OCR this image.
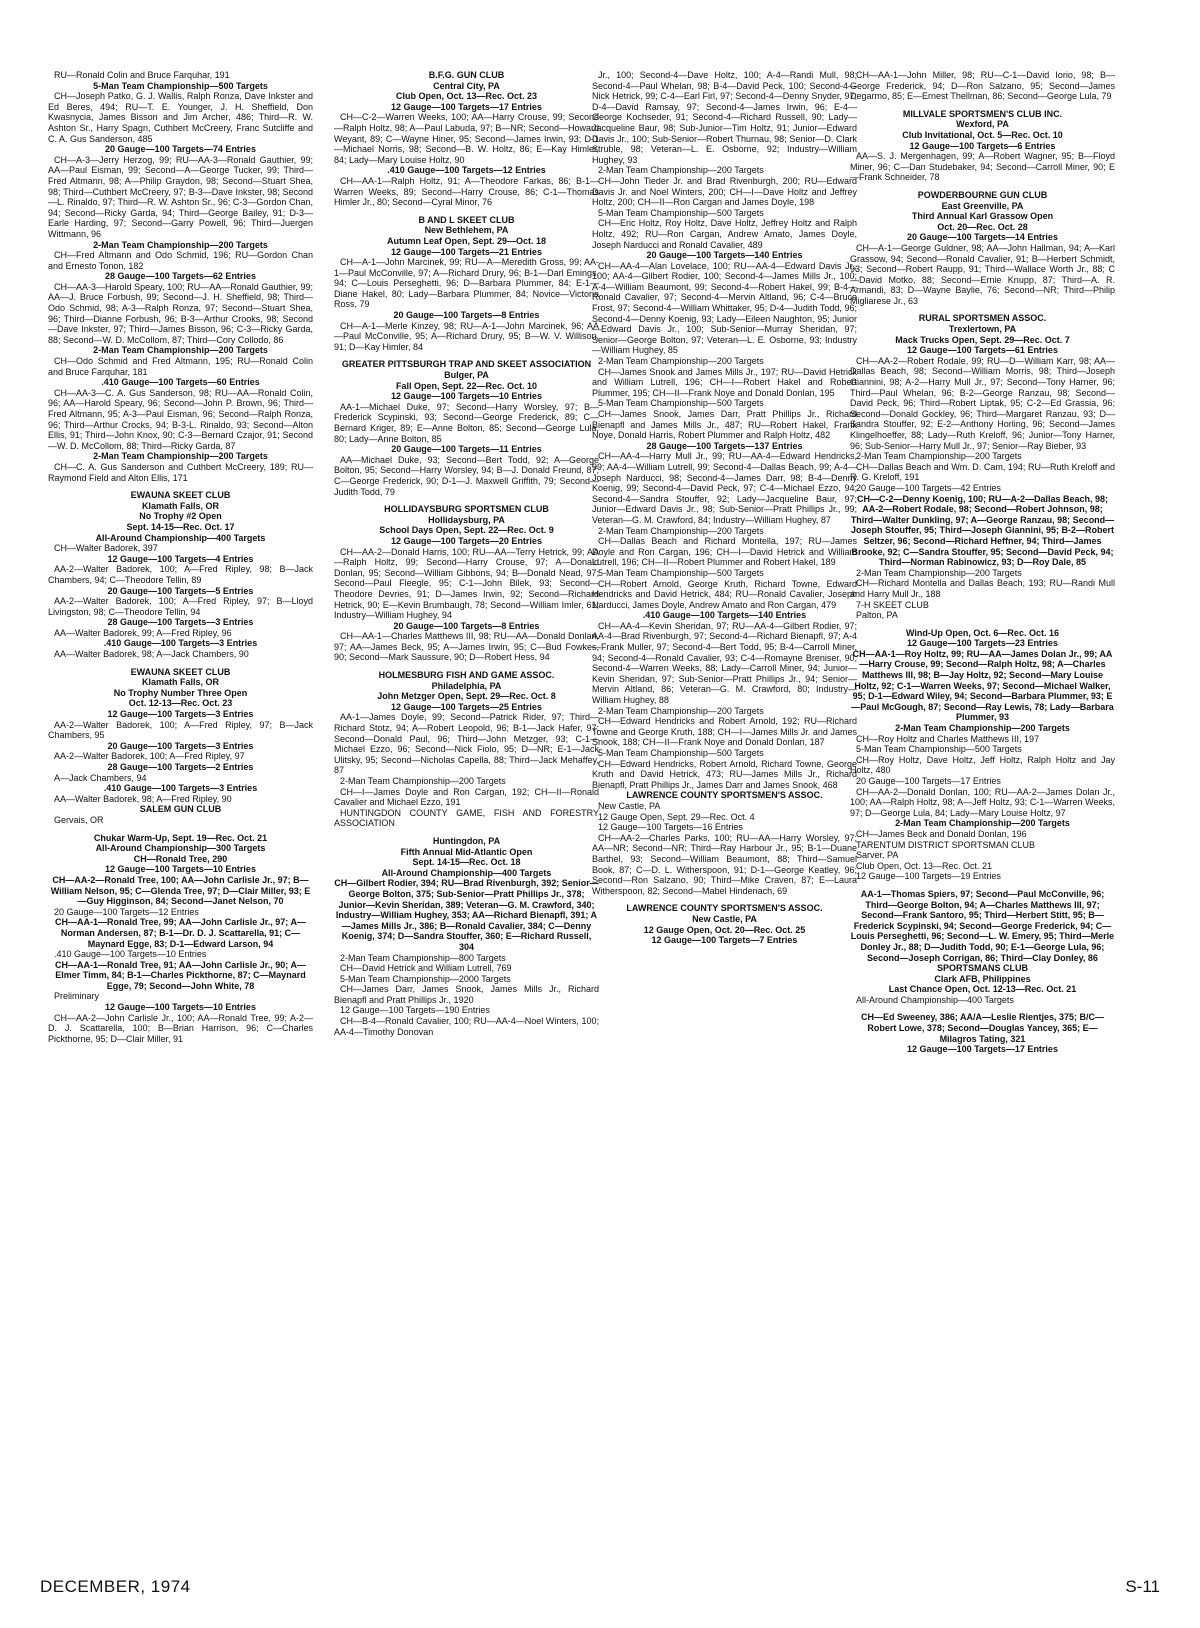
RU—Ronald Colin and Bruce Farquhar, 191

5-Man Team Championship—500 Targets

CH—Joseph Patko, G. J. Wallis, Ralph Ronza, Dave Inkster and Ed Beres, 494; RU—T. E. Younger, J. H. Sheffield, Don Kwasnycia, James Bisson and Jim Archer, 486; Third—R. W. Ashton Sr., Harry Spagn, Cuthbert McCreery, Franc Sutcliffe and C. A. Gus Sanderson, 485

20 Gauge—100 Targets—74 Entries

CH—A-3—Jerry Herzog, 99; RU—AA-3—Ronald Gauthier, 99; AA—Paul Eisman, 99; Second—A—George Tucker, 99; Third—Fred Altmann, 98; A—Philip Graydon, 98; Second—Stuart Shea, 98; Third—Cuthbert McCreery, 97; B-3—Dave Inkster, 98; Second—L. Rinaldo, 97; Third—R. W. Ashton Sr., 96; C-3—Gordon Chan, 94; Second—Ricky Garda, 94; Third—George Bailey, 91; D-3—Earle Harding, 97; Second—Garry Powell, 96; Third—Juergen Wittmann, 96

2-Man Team Championship—200 Targets

CH—Fred Altmann and Odo Schmid, 196; RU—Gordon Chan and Ernesto Tonon, 182

28 Gauge—100 Targets—62 Entries

CH—AA-3—Harold Speary, 100; RU—AA—Ronald Gauthier, 99; AA—J. Bruce Forbush, 99; Second—J. H. Sheffield, 98; Third—Odo Schmid, 98; A-3—Ralph Ronza, 97; Second—Stuart Shea, 96; Third—Dianne Forbush, 96; B-3—Arthur Crooks, 98; Second—Dave Inkster, 97; Third—James Bisson, 96; C-3—Ricky Garda, 88; Second—W. D. McCollom, 87; Third—Cory Collodo, 86

2-Man Team Championship—200 Targets

CH—Odo Schmid and Fred Altmann, 195; RU—Ronald Colin and Bruce Farquhar, 181

.410 Gauge—100 Targets—60 Entries

CH—AA-3—C. A. Gus Sanderson, 98; RU—AA—Ronald Colin, 96; AA—Harold Speary, 96; Second—John P. Brown, 96; Third—Fred Altmann, 95; A-3—Paul Eisman, 96; Second—Ralph Ronza, 96; Third—Arthur Crocks, 94; B-3-L. Rinaldo, 93; Second—Alton Ellis, 91; Third—John Knox, 90; C-3—Bernard Czajor, 91; Second—W. D. McCollom, 88; Third—Ricky Garda, 87

2-Man Team Championship—200 Targets

CH—C. A. Gus Sanderson and Cuthbert McCreery, 189; RU—Raymond Field and Alton Ellis, 171

EWAUNA SKEET CLUB

Klamath Falls, OR

No Trophy #2 Open

Sept. 14-15—Rec. Oct. 17

All-Around Championship—400 Targets

CH—Walter Badorek, 397

12 Gauge—100 Targets—4 Entries

AA-2—Walter Badorek, 100; A—Fred Ripley, 98; B—Jack Chambers, 94; C—Theodore Tellin, 89

20 Gauge—100 Targets—5 Entries

AA-2—Walter Badorek, 100; A—Fred Ripley, 97; B—Lloyd Livingston, 98; C—Theodore Tellin, 94

28 Gauge—100 Targets—3 Entries

AA—Walter Badorek, 99; A—Fred Ripley, 96

.410 Gauge—100 Targets—3 Entries

AA—Walter Badorek, 98; A—Jack Chambers, 90

EWAUNA SKEET CLUB

Klamath Falls, OR

No Trophy Number Three Open

Oct. 12-13—Rec. Oct. 23

12 Gauge—100 Targets—3 Entries

AA-2—Walter Badorek, 100; A—Fred Ripley, 97; B—Jack Chambers, 95

20 Gauge—100 Targets—3 Entries

AA-2—Walter Badorek, 100; A—Fred Ripley, 97

28 Gauge—100 Targets—2 Entries

A—Jack Chambers, 94

.410 Gauge—100 Targets—3 Entries

AA—Walter Badorek, 98; A—Fred Ripley, 90

SALEM GUN CLUB

Gervais, OR

Chukar Warm-Up, Sept. 19—Rec. Oct. 21

All-Around Championship—300 Targets

CH—Ronald Tree, 290

12 Gauge—100 Targets—10 Entries

CH—AA-2—Ronald Tree, 100; AA—John Carlisle Jr., 97; B—William Nelson, 95; C—Glenda Tree, 97; D—Clair Miller, 93; E—Guy Higginson, 84; Second—Janet Nelson, 70

20 Gauge—100 Targets—12 Entries

CH—AA-1—Ronald Tree, 99; AA—John Carlisle Jr., 97; A—Norman Andersen, 87; B-1—Dr. D. J. Scattarella, 91; C—Maynard Egge, 83; D-1—Edward Larson, 94

.410 Gauge—100 Targets—10 Entries

CH—AA-1—Ronald Tree, 91; AA—John Carlisle Jr., 90; A—Elmer Timm, 84; B-1—Charles Pickthorne, 87; C—Maynard Egge, 79; Second—John White, 78

Preliminary

12 Gauge—100 Targets—10 Entries

CH—AA-2—John Carlisle Jr., 100; AA—Ronald Tree, 99; A-2—D. J. Scattarella, 100; B—Brian Harrison, 96; C—Charles Pickthorne, 95; D—Clair Miller, 91

B.F.G. GUN CLUB

Central City, PA

Club Open, Oct. 13—Rec. Oct. 23

12 Gauge—100 Targets—17 Entries

CH—C-2—Warren Weeks, 100; AA—Harry Crouse, 99; Second—Ralph Holtz, 98; A—Paul Labuda, 97; B—NR; Second—Howard Weyant, 89; C—Wayne Hiner, 95; Second—James Irwin, 93; D-1—Michael Norris, 98; Second—B. W. Holtz, 86; E—Kay Himler, 84; Lady—Mary Louise Holtz, 90

.410 Gauge—100 Targets—12 Entries

CH—AA-1—Ralph Holtz, 91; A—Theodore Farkas, 86; B-1—Warren Weeks, 89; Second—Harry Crouse, 86; C-1—Thomas Himler Jr., 80; Second—Cyral Minor, 76

B AND L SKEET CLUB

New Bethlehem, PA

Autumn Leaf Open, Sept. 29—Oct. 18

12 Gauge—100 Targets—21 Entries

CH—A-1—John Marcinek, 99; RU—A—Meredith Gross, 99; AA-1—Paul McConville, 97; A—Richard Drury, 96; B-1—Darl Emings, 94; C—Louis Perseghetti, 96; D—Barbara Plummer, 84; E-1—Diane Hakel, 80; Lady—Barbara Plummer, 84; Novice—Victoria Ross, 79

20 Gauge—100 Targets—8 Entries

CH—A-1—Merle Kinzey, 98; RU—A-1—John Marcinek, 96; AA—Paul McConville, 95; A—Richard Drury, 95; B—W. V. Willison, 91; D—Kay Himler, 84

GREATER PITTSBURGH TRAP AND SKEET ASSOCIATION

Bulger, PA

Fall Open, Sept. 22—Rec. Oct. 10

12 Gauge—100 Targets—10 Entries

AA-1—Michael Duke, 97; Second—Harry Worsley, 97; B—Frederick Scypinski, 93; Second—George Frederick, 89; C—Bernard Kriger, 89; E—Anne Bolton, 85; Second—George Lula, 80; Lady—Anne Bolton, 85

20 Gauge—100 Targets—11 Entries

AA—Michael Duke, 93; Second—Bert Todd, 92; A—George Bolton, 95; Second—Harry Worsley, 94; B—J. Donald Freund, 87; C—George Frederick, 90; D-1—J. Maxwell Griffith, 79; Second—Judith Todd, 79

HOLLIDAYSBURG SPORTSMEN CLUB

Hollidaysburg, PA

School Days Open, Sept. 22—Rec. Oct. 9

12 Gauge—100 Targets—20 Entries

CH—AA-2—Donald Harris, 100; RU—AA—Terry Hetrick, 99; AA—Ralph Holtz, 99; Second—Harry Crouse, 97; A—Donald Donlan, 95; Second—William Gibbons, 94; B—Donald Nead, 97; Second—Paul Fleegle, 95; C-1—John Bilek, 93; Second—Theodore Devries, 91; D—James Irwin, 92; Second—Richard Hetrick, 90; E—Kevin Brumbaugh, 78; Second—William Imler, 61; Industry—William Hughey, 94

20 Gauge—100 Targets—8 Entries

CH—AA-1—Charles Matthews III, 98; RU—AA—Donald Donlan, 97; AA—James Beck, 95; A—James Irwin, 95; C—Bud Fowkes, 90; Second—Mark Saussure, 90; D—Robert Hess, 94

HOLMESBURG FISH AND GAME ASSOC.

Philadelphia, PA

John Metzger Open, Sept. 29—Rec. Oct. 8

12 Gauge—100 Targets—25 Entries

AA-1—James Doyle, 99; Second—Patrick Rider, 97; Third—Richard Stotz, 94; A—Robert Leopold, 96; B-1—Jack Hafer, 97; Second—Donald Paul, 96; Third—John Metzger, 93; C-1—Michael Ezzo, 96; Second—Nick Fiolo, 95; D—NR; E-1—Jack Ulitsky, 95; Second—Nicholas Capella, 88; Third—Jack Mehaffey, 87

2-Man Team Championship—200 Targets

CH—I—James Doyle and Ron Cargan, 192; CH—II—Ronald Cavalier and Michael Ezzo, 191

HUNTINGDON COUNTY GAME, FISH AND FORESTRY ASSOCIATION

Huntingdon, PA

Fifth Annual Mid-Atlantic Open

Sept. 14-15—Rec. Oct. 18

All-Around Championship—400 Targets

CH—Gilbert Rodier, 394; RU—Brad Rivenburgh, 392; Senior—George Bolton, 375; Sub-Senior—Pratt Phillips Jr., 378; Junior—Kevin Sheridan, 389; Veteran—G. M. Crawford, 340; Industry—William Hughey, 353; AA—Richard Bienapfl, 391; A—James Mills Jr., 386; B—Ronald Cavalier, 384; C—Denny Koenig, 374; D—Sandra Stouffer, 360; E—Richard Russell, 304

2-Man Team Championship—800 Targets

CH—David Hetrick and William Lutrell, 769

5-Man Team Championship—2000 Targets

CH—James Darr, James Snook, James Mills Jr., Richard Bienapfl and Pratt Phillips Jr., 1920

12 Gauge—100 Targets—190 Entries

CH—B-4—Ronald Cavalier, 100; RU—AA-4—Noel Winters, 100; AA-4—Timothy Donovan

Jr., 100; Second-4—Dave Holtz, 100; A-4—Randi Mull, 98; Second-4—Paul Whelan, 98; B-4—David Peck, 100; Second-4—Nick Hetrick, 99; C-4—Earl Firl, 97; Second-4—Denny Snyder, 97; D-4—David Ramsay, 97; Second-4—James Irwin, 96; E-4—George Kochseder, 91; Second-4—Richard Russell, 90; Lady—Jacqueline Baur, 98; Sub-Junior—Tim Holtz, 91; Junior—Edward Davis Jr., 100; Sub-Senior—Robert Thurnau, 98; Senior—D. Clark Struble, 98; Veteran—L. E. Osborne, 92; Industry—William Hughey, 93

2-Man Team Championship—200 Targets

CH—John Tieder Jr. and Brad Rivenburgh, 200; RU—Edward Davis Jr. and Noel Winters, 200; CH—I—Dave Holtz and Jeffrey Holtz, 200; CH—II—Ron Cargan and James Doyle, 198

5-Man Team Championship—500 Targets

CH—Eric Holtz, Roy Holtz, Dave Holtz, Jeffrey Holtz and Ralph Holtz, 492; RU—Ron Cargan, Andrew Amato, James Doyle, Joseph Narducci and Ronald Cavalier, 489

20 Gauge—100 Targets—140 Entries

CH—AA-4—Alan Lovelace, 100; RU—AA-4—Edward Davis Jr., 100; AA-4—Gilbert Rodier, 100; Second-4—James Mills Jr., 100; A-4—William Beaumont, 99; Second-4—Robert Hakel, 99; B-4—Ronald Cavalier, 97; Second-4—Mervin Altland, 96; C-4—Bruce Frost, 97; Second-4—William Whittaker, 95; D-4—Judith Todd, 96; Second-4—Denny Koenig, 93; Lady—Eileen Naughton, 95; Junior—Edward Davis Jr., 100; Sub-Senior—Murray Sheridan, 97; Senior—George Bolton, 97; Veteran—L. E. Osborne, 93; Industry—William Hughey, 85

2-Man Team Championship—200 Targets

CH—James Snook and James Mills Jr., 197; RU—David Hetrick and William Lutrell, 196; CH—I—Robert Hakel and Robert Plummer, 195; CH—II—Frank Noye and Donald Donlan, 195

5-Man Team Championship—500 Targets

CH—James Snook, James Darr, Pratt Phillips Jr., Richard Bienapfl and James Mills Jr., 487; RU—Robert Hakel, Frank Noye, Donald Harris, Robert Plummer and Ralph Holtz, 482

28 Gauge—100 Targets—137 Entries

CH—AA-4—Harry Mull Jr., 99; RU—AA-4—Edward Hendricks, 99; AA-4—William Lutrell, 99; Second-4—Dallas Beach, 99; A-4—Joseph Narducci, 98; Second-4—James Darr, 98; B-4—Denny Koenig, 99; Second-4—David Peck, 97; C-4—Michael Ezzo, 94; Second-4—Sandra Stouffer, 92; Lady—Jacqueline Baur, 97; Junior—Edward Davis Jr., 98; Sub-Senior—Pratt Phillips Jr., 99; Veteran—G. M. Crawford, 84; Industry—William Hughey, 87

2-Man Team Championship—200 Targets

CH—Dallas Beach and Richard Montella, 197; RU—James Doyle and Ron Cargan, 196; CH—I—David Hetrick and William Lutrell, 196; CH—II—Robert Plummer and Robert Hakel, 189

5-Man Team Championship—500 Targets

CH—Robert Arnold, George Kruth, Richard Towne, Edward Hendricks and David Hetrick, 484; RU—Ronald Cavalier, Joseph Narducci, James Doyle, Andrew Amato and Ron Cargan, 479

.410 Gauge—100 Targets—140 Entries

CH—AA-4—Kevin Sheridan, 97; RU—AA-4—Gilbert Rodier, 97; AA-4—Brad Rivenburgh, 97; Second-4—Richard Bienapfl, 97; A-4—Frank Muller, 97; Second-4—Bert Todd, 95; B-4—Carroll Miner, 94; Second-4—Ronald Cavalier, 93; C-4—Romayne Breniser, 90; Second-4—Warren Weeks, 88; Lady—Carroll Miner, 94; Junior—Kevin Sheridan, 97; Sub-Senior—Pratt Phillips Jr., 94; Senior—Mervin Altland, 86; Veteran—G. M. Crawford, 80; Industry—William Hughey, 88

2-Man Team Championship—200 Targets

CH—Edward Hendricks and Robert Arnold, 192; RU—Richard Towne and George Kruth, 188; CH—I—James Mills Jr. and James Snook, 188; CH—II—Frank Noye and Donald Donlan, 187

5-Man Team Championship—500 Targets

CH—Edward Hendricks, Robert Arnold, Richard Towne, George Kruth and David Hetrick, 473; RU—James Mills Jr., Richard Bienapfl, Pratt Phillips Jr., James Darr and James Snook, 468

LAWRENCE COUNTY SPORTSMEN'S ASSOC.

New Castle, PA

12 Gauge Open, Sept. 29—Rec. Oct. 4

12 Gauge—100 Targets—16 Entries

CH—AA-2—Charles Parks, 100; RU—AA—Harry Worsley, 97; AA—NR; Second—NR; Third—Ray Harbour Jr., 95; B-1—Duane Barthel, 93; Second—William Beaumont, 88; Third—Samuel Book, 87; C—D. L. Witherspoon, 91; D-1—George Keatley, 96; Second—Ron Salzano, 90; Third—Mike Craven, 87; E—Laura Witherspoon, 82; Second—Mabel Hindenach, 69

LAWRENCE COUNTY SPORTSMEN'S ASSOC.

New Castle, PA

12 Gauge Open, Oct. 20—Rec. Oct. 25

12 Gauge—100 Targets—7 Entries

CH—AA-1—John Miller, 98; RU—C-1—David Iorio, 98; B—George Frederick, 94; D—Ron Salzano, 95; Second—James Degarmo, 85; E—Ernest Thellman, 86; Second—George Lula, 79

MILLVALE SPORTSMEN'S CLUB INC.

Wexford, PA

Club Invitational, Oct. 5—Rec. Oct. 10

12 Gauge—100 Targets—6 Entries

AA—S. J. Mergenhagen, 99; A—Robert Wagner, 95; B—Floyd Miner, 96; C—Dan Studebaker, 94; Second—Carroll Miner, 90; E—Frank Schneider, 78

POWDERBOURNE GUN CLUB

East Greenville, PA

Third Annual Karl Grassow Open

Oct. 20—Rec. Oct. 28

20 Gauge—100 Targets—14 Entries

CH—A-1—George Guldner, 98; AA—John Hallman, 94; A—Karl Grassow, 94; Second—Ronald Cavalier, 91; B—Herbert Schmidt, 93; Second—Robert Raupp, 91; Third—Wallace Worth Jr., 88; C—David Motko, 88; Second—Ernie Knupp, 87; Third—A. R. Armandi, 83; D—Wayne Baylie, 76; Second—NR; Third—Philip Migliarese Jr., 63

RURAL SPORTSMEN ASSOC.

Trexlertown, PA

Mack Trucks Open, Sept. 29—Rec. Oct. 7

12 Gauge—100 Targets—61 Entries

CH—AA-2—Robert Rodale, 99; RU—D—William Karr, 98; AA—Dallas Beach, 98; Second—William Morris, 98; Third—Joseph Giannini, 98; A-2—Harry Mull Jr., 97; Second—Tony Harner, 96; Third—Paul Whelan, 96; B-2—George Ranzau, 98; Second—David Peck, 96; Third—Robert Liptak, 95; C-2—Ed Grassia, 96; Second—Donald Gockley, 96; Third—Margaret Ranzau, 93; D—Sandra Stouffer, 92; E-2—Anthony Horling, 96; Second—James Klingelhoeffer, 88; Lady—Ruth Kreloff, 96; Junior—Tony Harner, 96; Sub-Senior—Harry Mull Jr., 97; Senior—Ray Bieber, 93

2-Man Team Championship—200 Targets

CH—Dallas Beach and Wm. D. Cam, 194; RU—Ruth Kreloff and R. G. Kreloff, 191

20 Gauge—100 Targets—42 Entries

CH—C-2—Denny Koenig, 100; RU—A-2—Dallas Beach, 98; AA-2—Robert Rodale, 98; Second—Robert Johnson, 98; Third—Walter Dunkling, 97; A—George Ranzau, 98; Second—Joseph Stouffer, 95; Third—Joseph Giannini, 95; B-2—Robert Seltzer, 96; Second—Richard Heffner, 94; Third—James Brooke, 92; C—Sandra Stouffer, 95; Second—David Peck, 94; Third—Norman Rabinowicz, 93; D—Roy Dale, 85

2-Man Team Championship—200 Targets

CH—Richard Montella and Dallas Beach, 193; RU—Randi Mull and Harry Mull Jr., 188

7-H SKEET CLUB

Palton, PA

Wind-Up Open, Oct. 6—Rec. Oct. 16

12 Gauge—100 Targets—23 Entries

CH—AA-1—Roy Holtz, 99; RU—AA—James Dolan Jr., 99; AA—Harry Crouse, 99; Second—Ralph Holtz, 98; A—Charles Matthews III, 98; B—Jay Holtz, 92; Second—Mary Louise Holtz, 92; C-1—Warren Weeks, 97; Second—Michael Walker, 95; D-1—Edward Wiley, 94; Second—Barbara Plummer, 93; E—Paul McGough, 87; Second—Ray Lewis, 78; Lady—Barbara Plummer, 93

2-Man Team Championship—200 Targets

CH—Roy Holtz and Charles Matthews III, 197

5-Man Team Championship—500 Targets

CH—Roy Holtz, Dave Holtz, Jeff Holtz, Ralph Holtz and Jay Holtz, 480

20 Gauge—100 Targets—17 Entries

CH—AA-2—Donald Donlan, 100; RU—AA-2—James Dolan Jr., 100; AA—Ralph Holtz, 98; A—Jeff Holtz, 93; C-1—Warren Weeks, 97; D—George Lula, 84; Lady—Mary Louise Holtz, 97

2-Man Team Championship—200 Targets

CH—James Beck and Donald Donlan, 196

TARENTUM DISTRICT SPORTSMAN CLUB

Sarver, PA

Club Open, Oct. 13—Rec. Oct. 21

12 Gauge—100 Targets—19 Entries

AA-1—Thomas Spiers, 97; Second—Paul McConville, 96; Third—George Bolton, 94; A—Charles Matthews III, 97; Second—Frank Santoro, 95; Third—Herbert Stitt, 95; B—Frederick Scypinski, 94; Second—George Frederick, 94; C—Louis Perseghetti, 96; Second—L. W. Emery, 95; Third—Merle Donley Jr., 88; D—Judith Todd, 90; E-1—George Lula, 96; Second—Joseph Corrigan, 86; Third—Clay Donley, 86

SPORTSMANS CLUB

Clark AFB, Philippines

Last Chance Open, Oct. 12-13—Rec. Oct. 21

All-Around Championship—400 Targets

CH—Ed Sweeney, 386; AA/A—Leslie Rientjes, 375; B/C—Robert Lowe, 378; Second—Douglas Yancey, 365; E—Milagros Tating, 321

12 Gauge—100 Targets—17 Entries

DECEMBER, 1974	S-11
